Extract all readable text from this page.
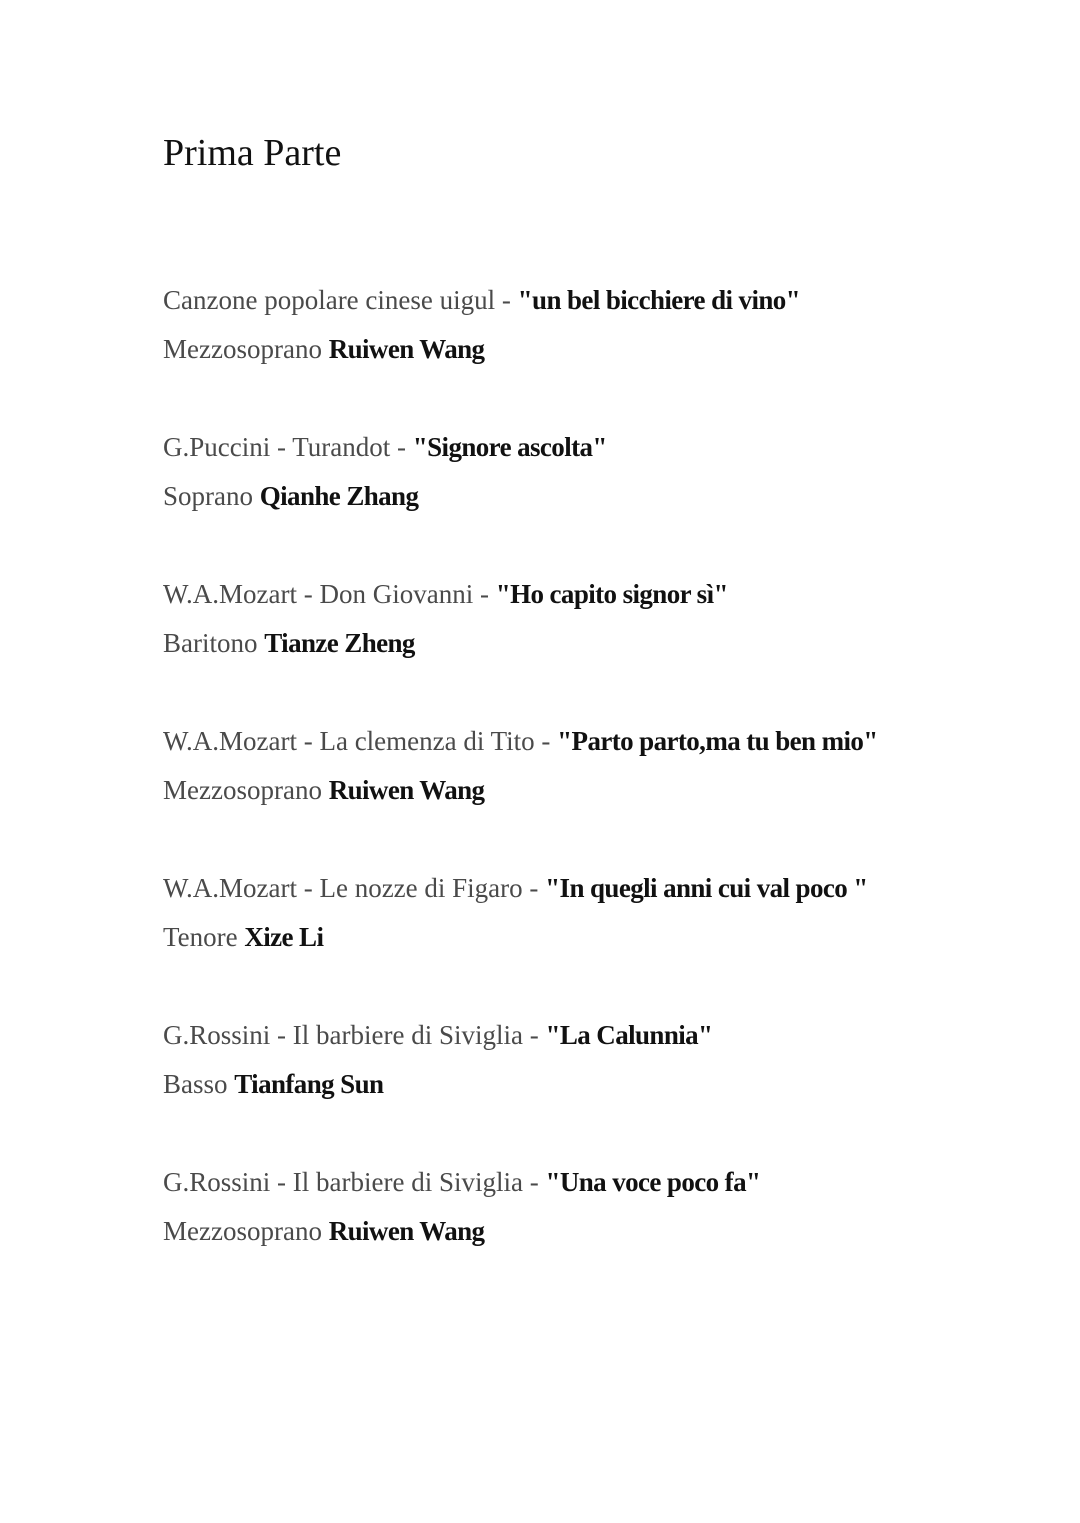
Prima Parte
Canzone popolare cinese uigul - "un bel bicchiere di vino"
Mezzosoprano Ruiwen Wang
G.Puccini - Turandot - "Signore ascolta"
Soprano Qianhe Zhang
W.A.Mozart - Don Giovanni - "Ho capito signor sì"
Baritono Tianze Zheng
W.A.Mozart - La clemenza di Tito - "Parto parto,ma tu ben mio"
Mezzosoprano Ruiwen Wang
W.A.Mozart - Le nozze di Figaro - "In quegli anni cui val poco "
Tenore Xize Li
G.Rossini - Il barbiere di Siviglia - "La Calunnia"
Basso Tianfang Sun
G.Rossini - Il barbiere di Siviglia - "Una voce poco fa"
Mezzosoprano Ruiwen Wang
